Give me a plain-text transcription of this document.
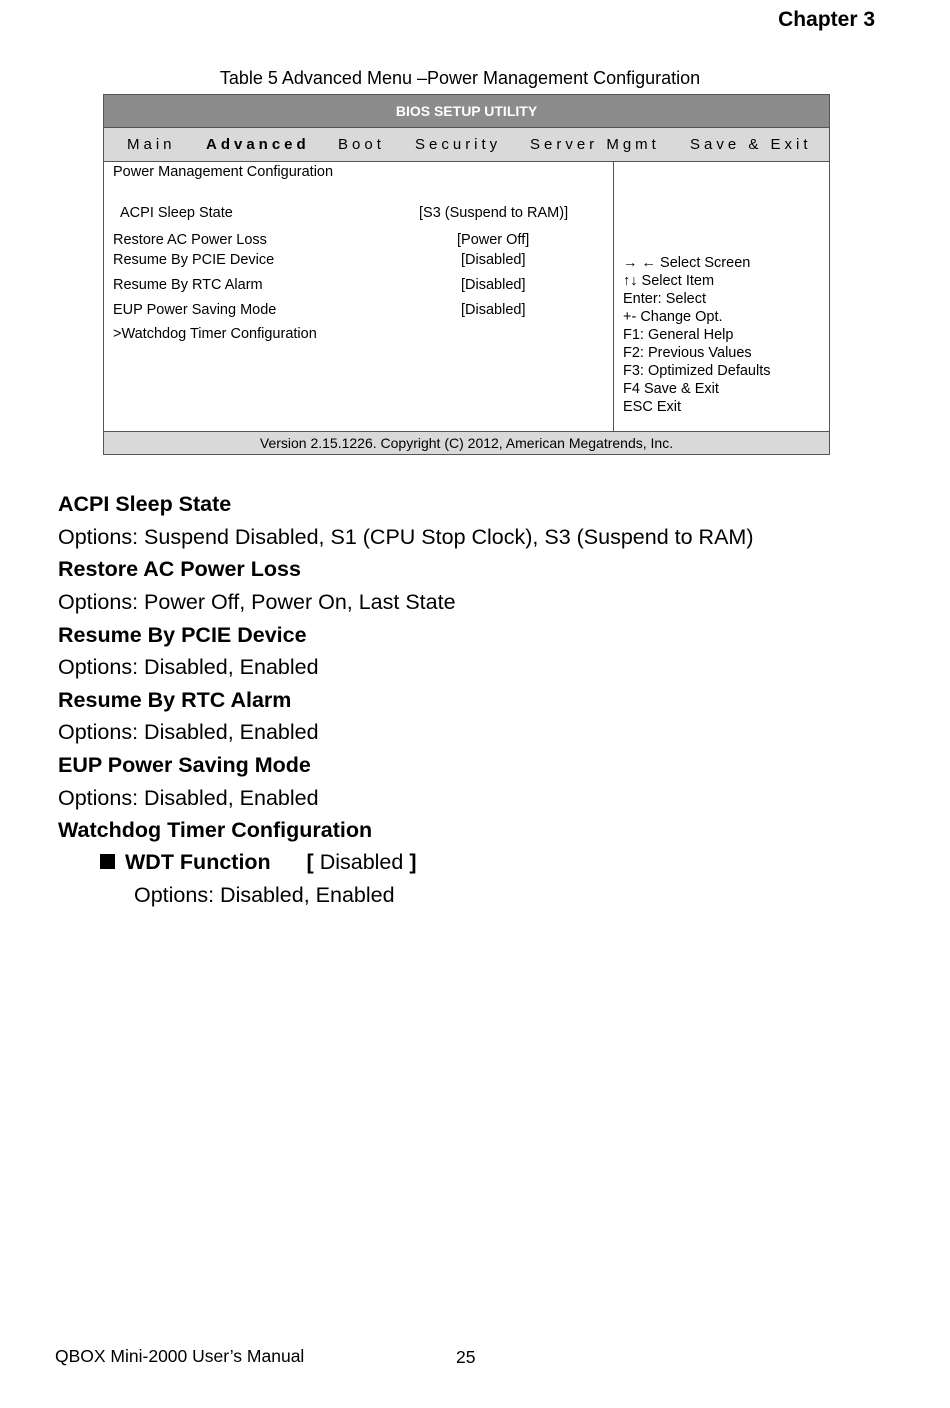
Chapter 3
Table 5 Advanced Menu –Power Management Configuration
BIOS SETUP UTILITY
Main Advanced Boot Security Server Mgmt Save & Exit
Power Management Configuration
ACPI Sleep State	[S3 (Suspend to RAM)]
Restore AC Power Loss	[Power Off]
Resume By PCIE Device	[Disabled]
Resume By RTC Alarm	[Disabled]
EUP Power Saving Mode	[Disabled]
>Watchdog Timer Configuration
→ ← Select Screen
↑↓ Select Item
Enter: Select
+- Change Opt.
F1: General Help
F2: Previous Values
F3: Optimized Defaults
F4 Save & Exit
ESC Exit
Version 2.15.1226. Copyright (C) 2012, American Megatrends, Inc.
ACPI Sleep State
Options: Suspend Disabled, S1 (CPU Stop Clock), S3 (Suspend to RAM)
Restore AC Power Loss
Options: Power Off, Power On, Last State
Resume By PCIE Device
Options: Disabled, Enabled
Resume By RTC Alarm
Options: Disabled, Enabled
EUP Power Saving Mode
Options: Disabled, Enabled
Watchdog Timer Configuration
WDT Function [ Disabled ]
Options: Disabled, Enabled
QBOX Mini-2000 User’s Manual	25
